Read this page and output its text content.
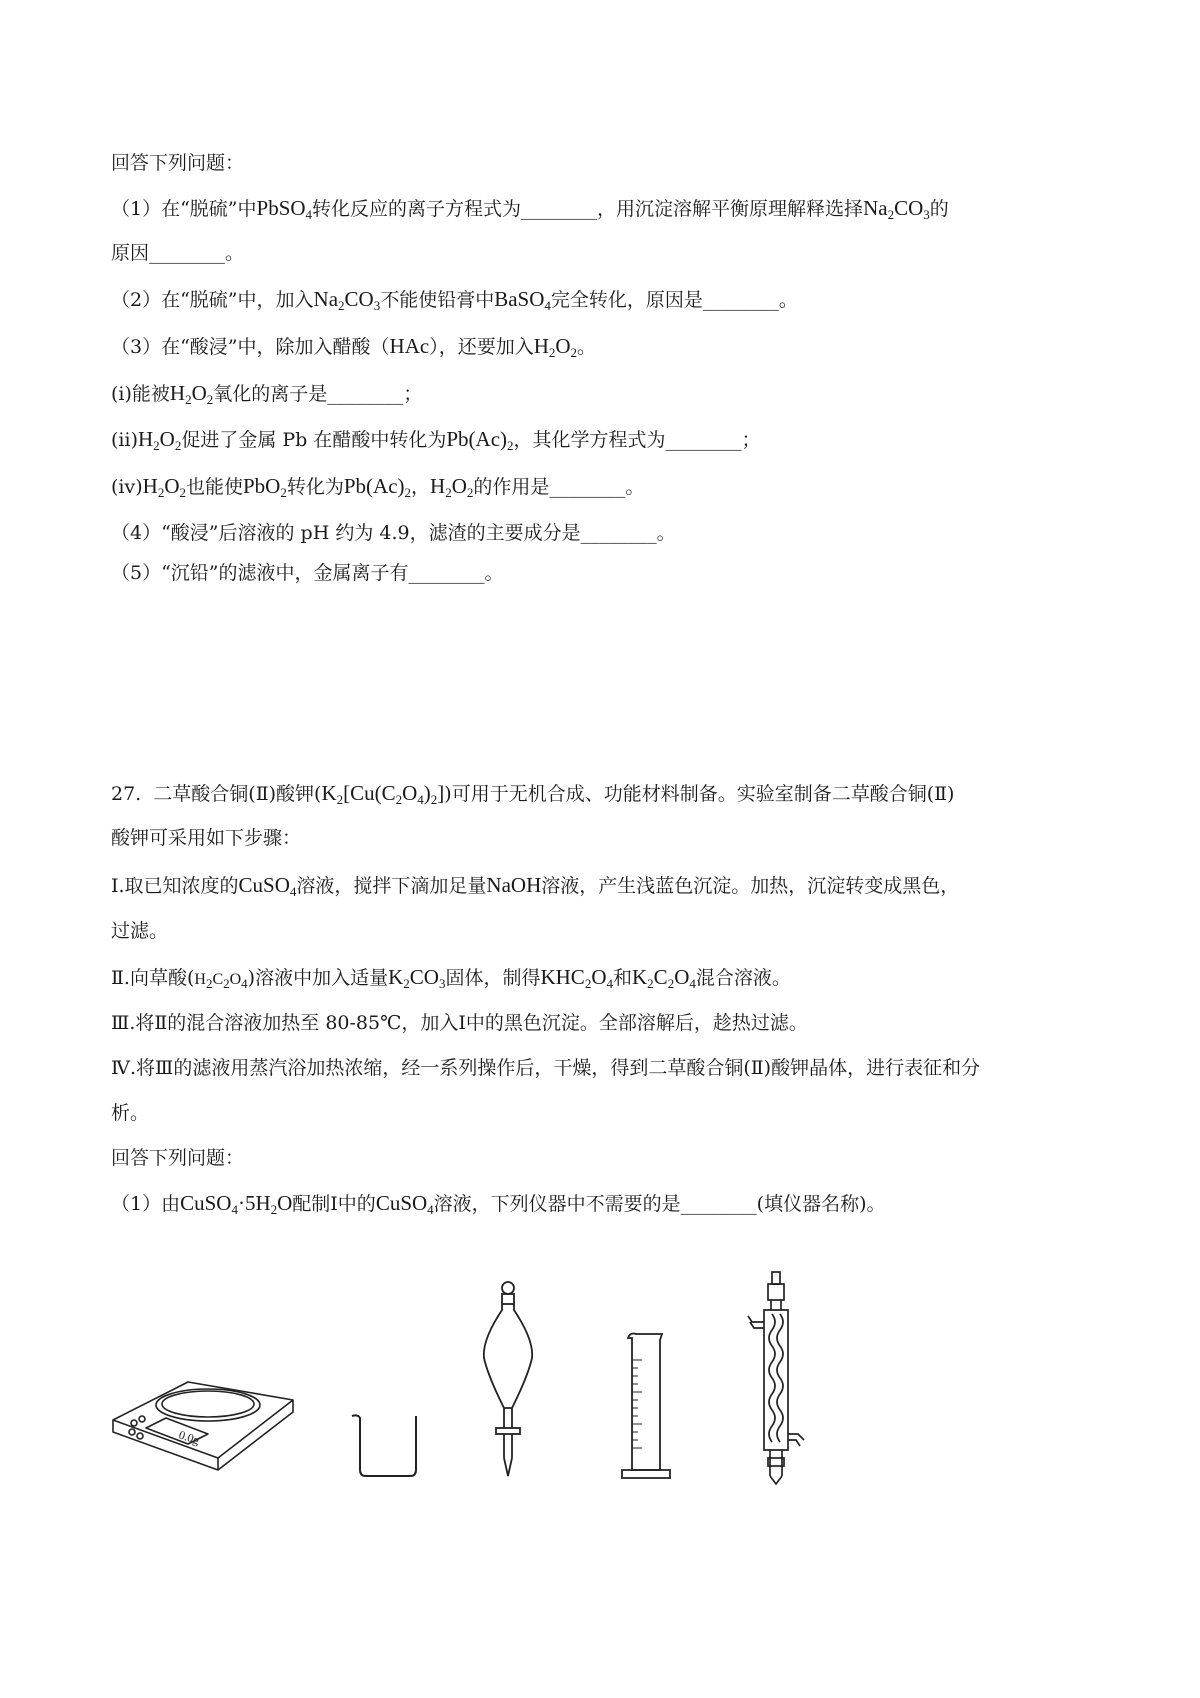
回答下列问题：
（1）在“脱硫”中PbSO$_4$转化反应的离子方程式为________，用沉淀溶解平衡原理解释选择$Na_2CO_3$的
原因________。
（2）在“脱硫”中，加入$Na_2CO_3$不能使铅膏中BaSO$_4$完全转化，原因是________。
（3）在“酸浸”中，除加入醋酸（HAc），还要加入$H_2O_2$。
(ⅰ)能被$H_2O_2$氧化的离子是________；
$(ⅱ)H_2O_2$促进了金属 Pb 在醋酸中转化为$Pb(Ac)_2$，其化学方程式为________；
$(ⅳ)H_2O_2$也能使PbO$_2$转化为$Pb(Ac)_2$，$H_2O_2$的作用是________。
（4）“酸浸”后溶液的 pH 约为 4.9，滤渣的主要成分是________。
（5）“沉铅”的滤液中，金属离子有________。
27.  二草酸合铜(Ⅱ)酸钾$(K_2[Cu(C_2O_4)_2])$可用于无机合成、功能材料制备。实验室制备二草酸合铜(Ⅱ)
酸钾可采用如下步骤：
Ⅰ.取已知浓度的CuSO$_4$溶液，搅拌下滴加足量NaOH溶液，产生浅蓝色沉淀。加热，沉淀转变成黑色，
过滤。
Ⅱ.向草酸$(H_2C_2O_4)$溶液中加入适量$K_2CO_3$固体，制得$KHC_2O_4$和$K_2C_2O_4$混合溶液。
Ⅲ.将Ⅱ的混合溶液加热至 80-85℃，加入Ⅰ中的黑色沉淀。全部溶解后，趁热过滤。
Ⅳ.将Ⅲ的滤液用蒸汽浴加热浓缩，经一系列操作后，干燥，得到二草酸合铜(Ⅱ)酸钾晶体，进行表征和分
析。
回答下列问题：
（1）由$CuSO_4\cdot 5H_2O$配制Ⅰ中的CuSO$_4$溶液，下列仪器中不需要的是________(填仪器名称)。
0.0g
